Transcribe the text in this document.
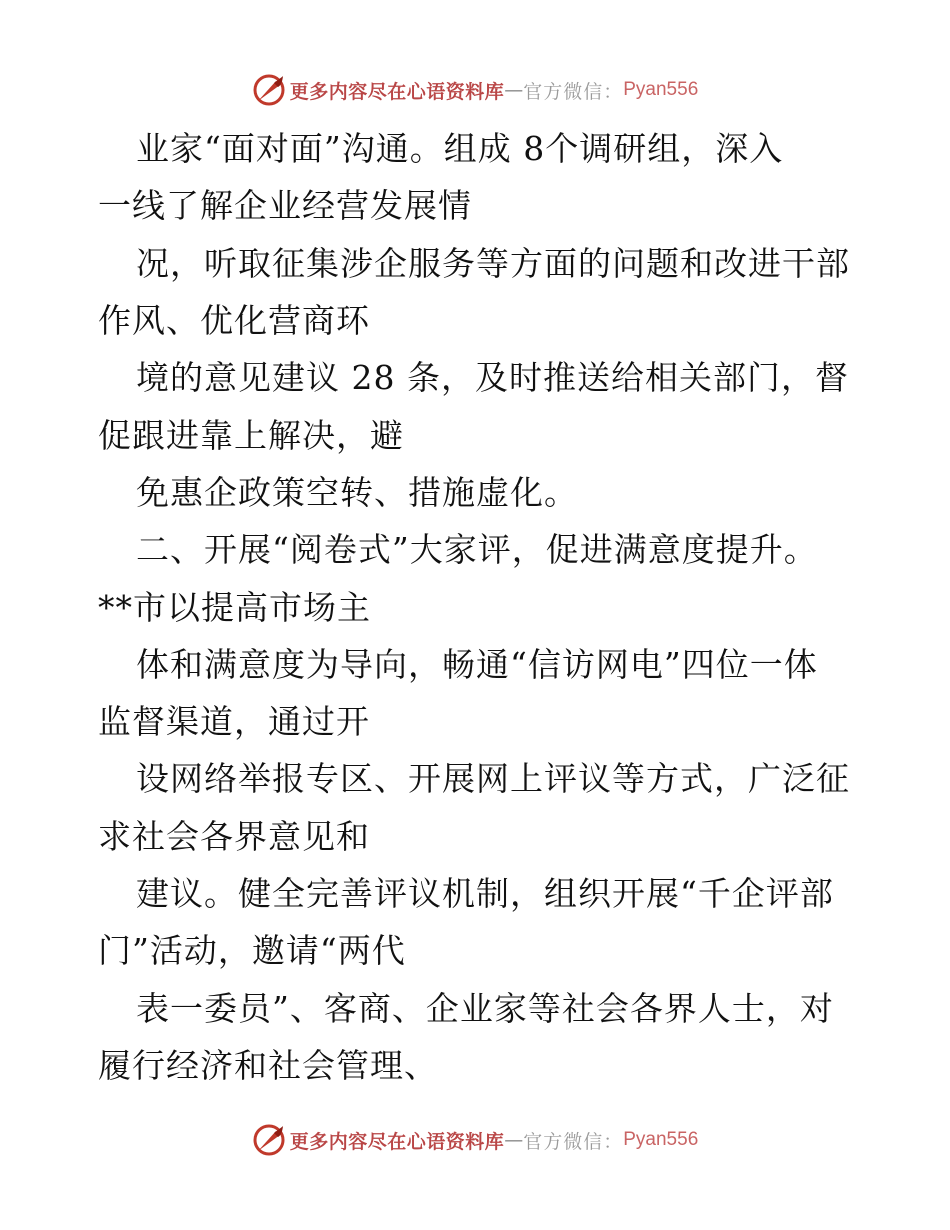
更多内容尽在心语资料库 — 官方微信： Pyan556
业家“面对面”沟通。组成 8个调研组，深入
一线了解企业经营发展情
况，听取征集涉企服务等方面的问题和改进干部
作风、优化营商环
境的意见建议 28 条，及时推送给相关部门，督
促跟进靠上解决，避
免惠企政策空转、措施虚化。
二、开展“阅卷式”大家评，促进满意度提升。
**市以提高市场主
体和满意度为导向，畅通“信访网电”四位一体
监督渠道，通过开
设网络举报专区、开展网上评议等方式，广泛征
求社会各界意见和
建议。健全完善评议机制，组织开展“千企评部
门”活动，邀请“两代
表一委员”、客商、企业家等社会各界人士，对
履行经济和社会管理、
更多内容尽在心语资料库 — 官方微信： Pyan556
